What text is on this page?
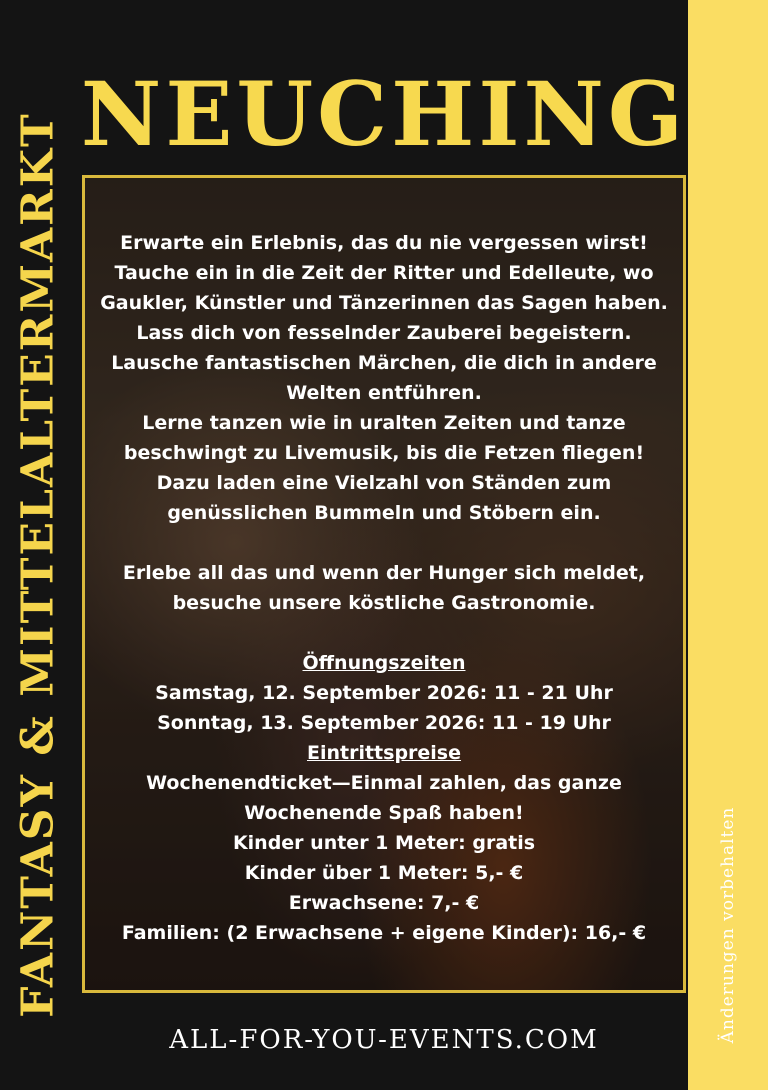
Änderungen vorbehalten
FANTASY & MITTELALTERMARKT NEUCHING
Erwarte ein Erlebnis, das du nie vergessen wirst!
Tauche ein in die Zeit der Ritter und Edelleute, wo
Gaukler, Künstler und Tänzerinnen das Sagen haben.
Lass dich von fesselnder Zauberei begeistern.
Lausche fantastischen Märchen, die dich in andere
Welten entführen.
Lerne tanzen wie in uralten Zeiten und tanze
beschwingt zu Livemusik, bis die Fetzen fliegen!
Dazu laden eine Vielzahl von Ständen zum
genüsslichen Bummeln und Stöbern ein.
Erlebe all das und wenn der Hunger sich meldet,
besuche unsere köstliche Gastronomie.
Öffnungszeiten
Samstag, 12. September 2026: 11 - 21 Uhr
Sonntag, 13. September 2026: 11 - 19 Uhr
Eintrittspreise
Wochenendticket—Einmal zahlen, das ganze
Wochenende Spaß haben!
Kinder unter 1 Meter: gratis
Kinder über 1 Meter: 5,- €
Erwachsene: 7,- €
Familien: (2 Erwachsene + eigene Kinder): 16,- €
ALL-FOR-YOU-EVENTS.COM
